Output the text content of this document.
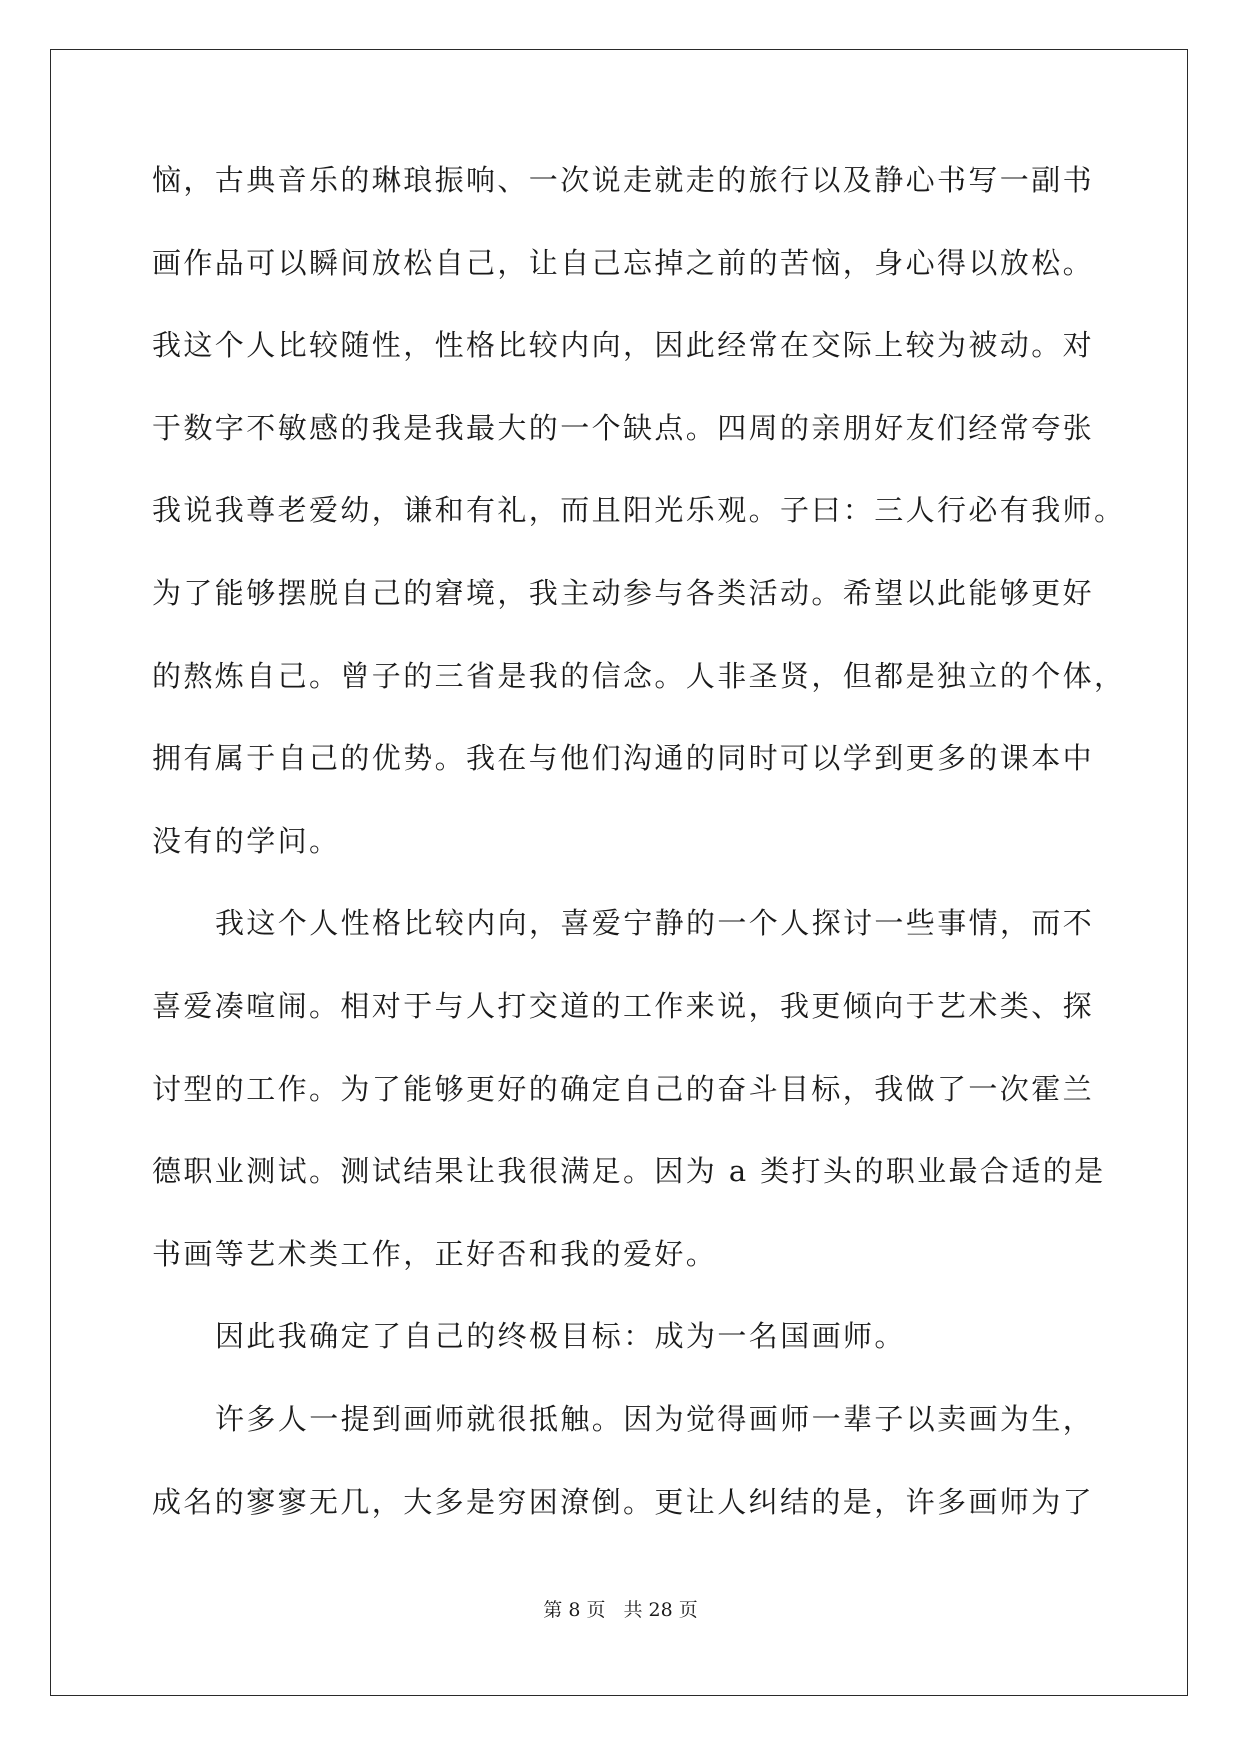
恼，古典音乐的琳琅振响、一次说走就走的旅行以及静心书写一副书
画作品可以瞬间放松自己，让自己忘掉之前的苦恼，身心得以放松。
我这个人比较随性，性格比较内向，因此经常在交际上较为被动。对
于数字不敏感的我是我最大的一个缺点。四周的亲朋好友们经常夸张
我说我尊老爱幼，谦和有礼，而且阳光乐观。子曰：三人行必有我师。
为了能够摆脱自己的窘境，我主动参与各类活动。希望以此能够更好
的熬炼自己。曾子的三省是我的信念。人非圣贤，但都是独立的个体，
拥有属于自己的优势。我在与他们沟通的同时可以学到更多的课本中
没有的学问。
我这个人性格比较内向，喜爱宁静的一个人探讨一些事情，而不
喜爱凑喧闹。相对于与人打交道的工作来说，我更倾向于艺术类、探
讨型的工作。为了能够更好的确定自己的奋斗目标，我做了一次霍兰
德职业测试。测试结果让我很满足。因为 a 类打头的职业最合适的是
书画等艺术类工作，正好否和我的爱好。
因此我确定了自己的终极目标：成为一名国画师。
许多人一提到画师就很抵触。因为觉得画师一辈子以卖画为生，
成名的寥寥无几，大多是穷困潦倒。更让人纠结的是，许多画师为了
第 8 页 共 28 页
